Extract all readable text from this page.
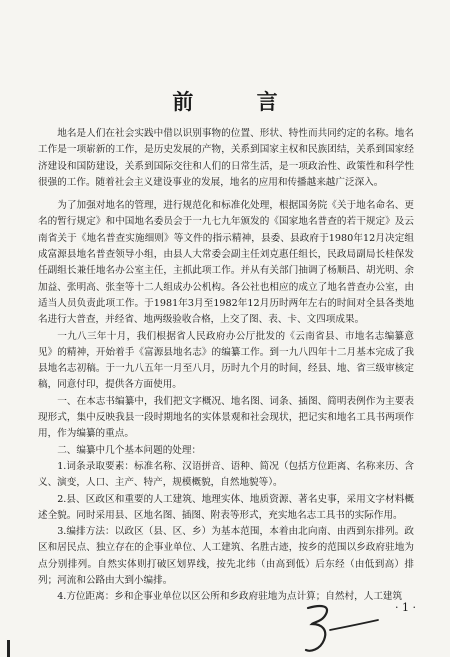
前 言

地名是人们在社会实践中借以识别事物的位置、形状、特性而共同约定的名称。地名工作是一项崭新的工作，是历史发展的产物，关系到国家主权和民族团结，关系到国家经济建设和国防建设，关系到国际交往和人们的日常生活，是一项政治性、政策性和科学性很强的工作。随着社会主义建设事业的发展，地名的应用和传播越来越广泛深入。

为了加强对地名的管理，进行规范化和标准化处理，根据国务院《关于地名命名、更名的暂行规定》和中国地名委员会于一九七九年颁发的《国家地名普查的若干规定》及云南省关于《地名普查实施细则》等文件的指示精神，县委、县政府于1980年12月决定组成富源县地名普查领导小组，由县人大常委会副主任刘克惠任组长，民政局副局长桂保发任副组长兼任地名办公室主任，主抓此项工作。并从有关部门抽调了杨顺昌、胡光明、余加益、张明高、张奎等十二人组成办公机构。各公社也相应的成立了地名普查办公室，由适当人员负责此项工作。于1981年3月至1982年12月历时两年左右的时间对全县各类地名进行大普查，并经省、地两级验收合格，上交了图、表、卡、文四项成果。

一九八三年十月，我们根据省人民政府办公厅批发的《云南省县、市地名志编纂意见》的精神，开始着手《富源县地名志》的编纂工作。到一九八四年十二月基本完成了我县地名志初稿。于一九八五年一月至八月，历时九个月的时间，经县、地、省三级审核定稿，同意付印，提供各方面使用。

一、在本志书编纂中，我们把文字概况、地名图、词条、插图、简明表例作为主要表现形式，集中反映我县一段时期地名的实体景观和社会现状，把记实和地名工具书两项作用，作为编纂的重点。

二、编纂中几个基本问题的处理：

1.词条录取要素：标准名称、汉语拼音、语种、简况（包括方位距离、名称来历、含义、演变，人口、主产、特产，规模概貌，自然地貌等）。

2.县、区政区和重要的人工建筑、地理实体、地质资源、著名史事，采用文字材料概述全貌。同时采用县、区地名图、插图、附表等形式，充实地名志工具书的实际作用。

3.编排方法：以政区（县、区、乡）为基本范围，本着由北向南、由西到东排列。政区和居民点、独立存在的企事业单位、人工建筑、名胜古迹，按乡的范围以乡政府驻地为点分别排列。自然实体则打破区划界线，按先北纬（由高到低）后东经（由低到高）排列；河流和公路由大到小编排。

4.方位距离：乡和企事业单位以区公所和乡政府驻地为点计算；自然村，人工建筑

· 1 ·
